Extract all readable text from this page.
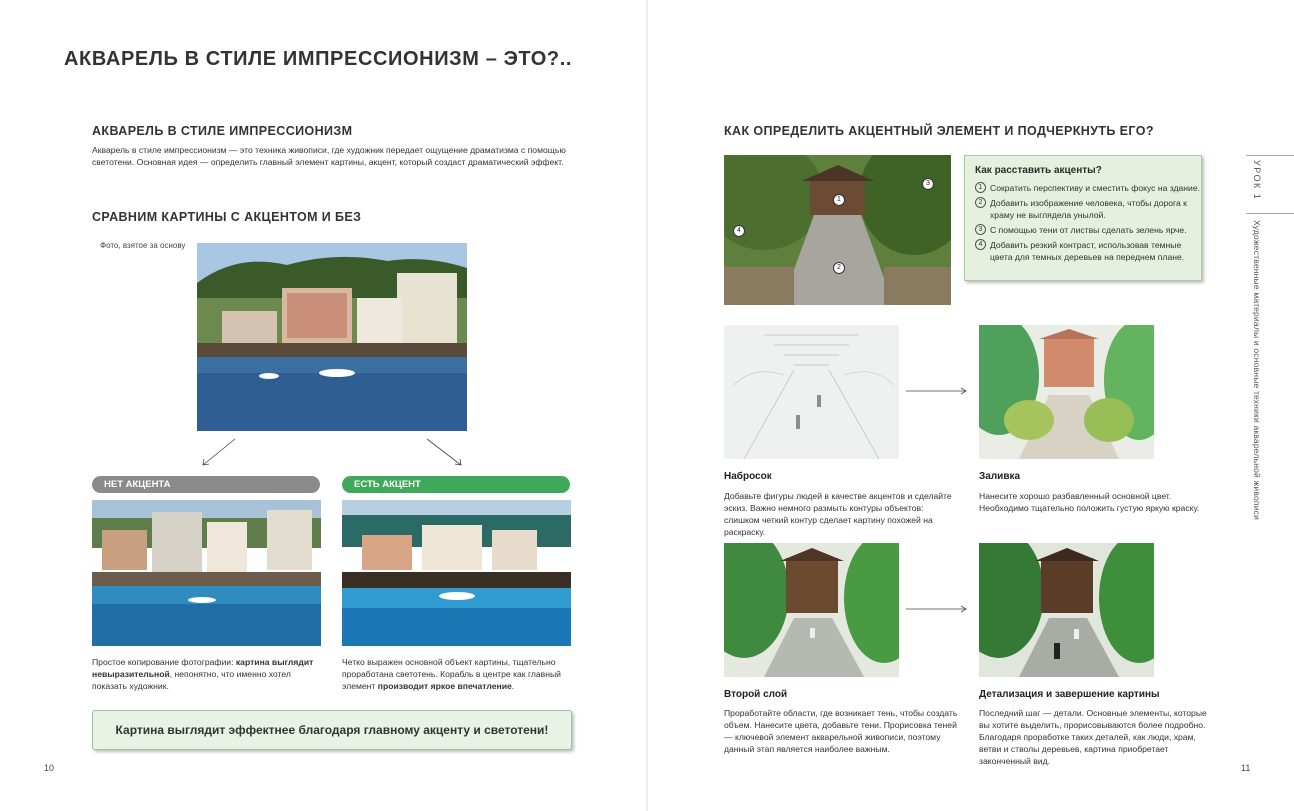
АКВАРЕЛЬ В СТИЛЕ ИМПРЕССИОНИЗМ – ЭТО?..
АКВАРЕЛЬ В СТИЛЕ ИМПРЕССИОНИЗМ
Акварель в стиле импрессионизм — это техника живописи, где художник передает ощущение драматизма с помощью светотени. Основная идея — определить главный элемент картины, акцент, который создаст драматический эффект.
СРАВНИМ КАРТИНЫ С АКЦЕНТОМ И БЕЗ
Фото, взятое за основу
НЕТ АКЦЕНТА	ЕСТЬ АКЦЕНТ
Простое копирование фотографии: картина выглядит невыразительной, непонятно, что именно хотел показать художник.
Четко выражен основной объект картины, тщательно проработана светотень. Корабль в центре как главный элемент производит яркое впечатление.
Картина выглядит эффектнее благодаря главному акценту и светотени!
10
КАК ОПРЕДЕЛИТЬ АКЦЕНТНЫЙ ЭЛЕМЕНТ И ПОДЧЕРКНУТЬ ЕГО?
1
2
3
4
Как расставить акценты?
1 Сократить перспективу и сместить фокус на здание.
2 Добавить изображение человека, чтобы дорога к храму не выглядела унылой.
3 С помощью тени от листвы сделать зелень ярче.
4 Добавить резкий контраст, использовав темные цвета для темных деревьев на переднем плане.
Набросок
Добавьте фигуры людей в качестве акцентов и сделайте эскиз. Важно немного размыть контуры объектов: слишком четкий контур сделает картину похожей на раскраску.
Заливка
Нанесите хорошо разбавленный основной цвет. Необходимо тщательно положить густую яркую краску.
Второй слой
Проработайте области, где возникает тень, чтобы создать объем. Нанесите цвета, добавьте тени. Прорисовка теней — ключевой элемент акварельной живописи, поэтому данный этап является наиболее важным.
Детализация и завершение картины
Последний шаг — детали. Основные элементы, которые вы хотите выделить, прорисовываются более подробно. Благодаря проработке таких деталей, как люди, храм, ветви и стволы деревьев, картина приобретает законченный вид.
УРОК 1
Художественные материалы и основные техники акварельной живописи
11
